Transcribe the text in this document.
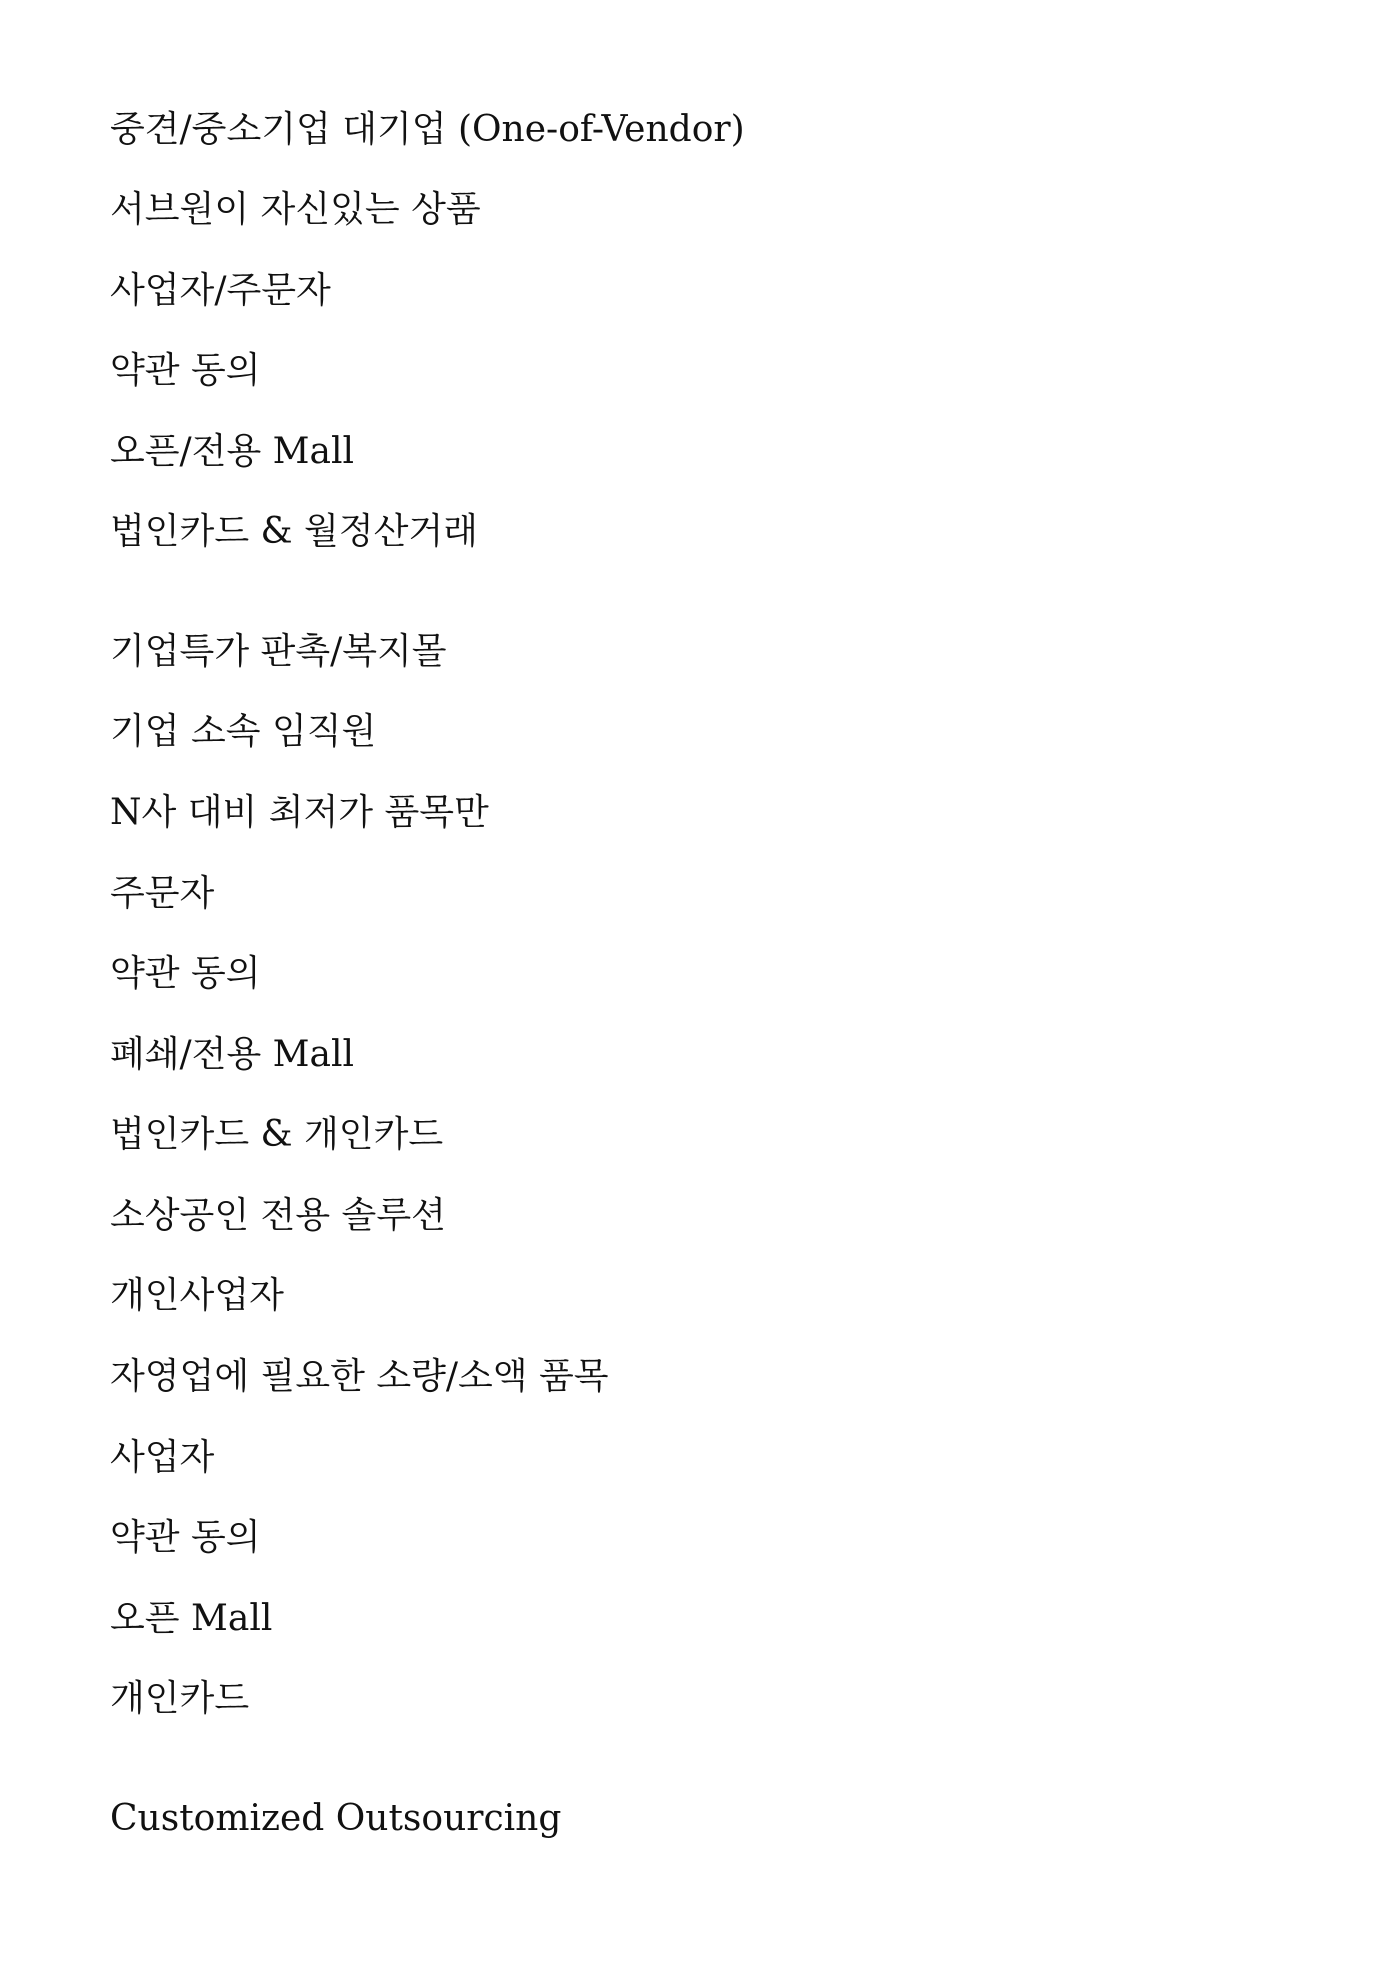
중견/중소기업 대기업 (One-of-Vendor)
서브원이 자신있는 상품
사업자/주문자
약관 동의
오픈/전용 Mall
법인카드 & 월정산거래
기업특가 판촉/복지몰
기업 소속 임직원
N사 대비 최저가 품목만
주문자
약관 동의
폐쇄/전용 Mall
법인카드 & 개인카드
소상공인 전용 솔루션
개인사업자
자영업에 필요한 소량/소액 품목
사업자
약관 동의
오픈 Mall
개인카드
Customized Outsourcing
